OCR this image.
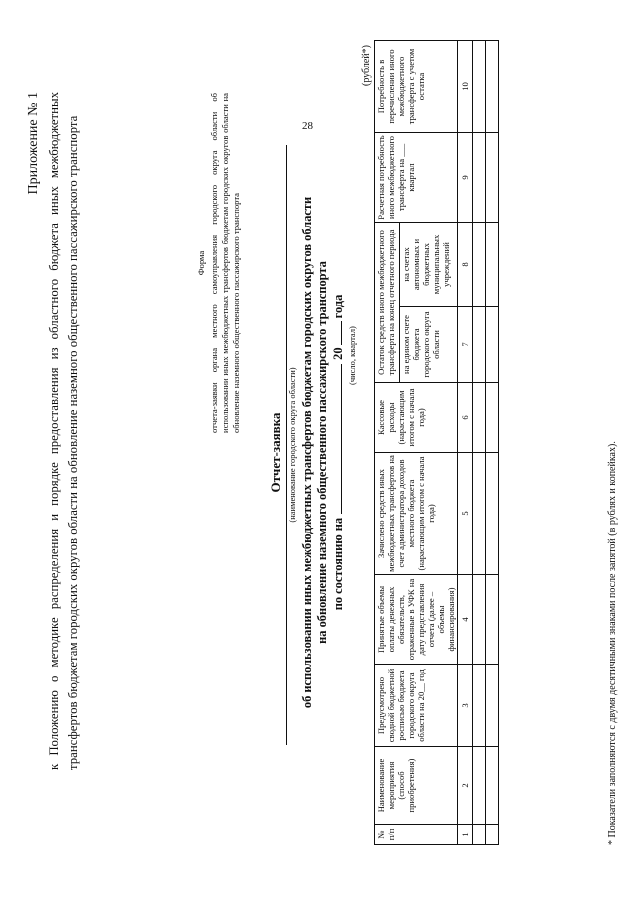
28
Приложение № 1
к Положению о методике распределения и порядке предоставления из областного бюджета иных межбюджетных трансфертов бюджетам городских округов области на обновление наземного общественного пассажирского транспорта
Форма отчета-заявки органа местного самоуправления городского округа области об использовании иных межбюджетных трансфертов бюджетам городских округов области на обновление наземного общественного пассажирского транспорта
Отчет-заявка (наименование городского округа области) об использовании иных межбюджетных трансфертов бюджетам городских округов области на обновление наземного общественного пассажирского транспорта по состоянию на20 года
(число, квартал)
(рублей*)
№ п/п	Наименование мероприятия (способ приобретения)	Предусмотрено сводной бюджетной росписью бюджета городского округа области на 20__ год	Принятые объемы оплаты денежных обязательств, отраженные в УФК на дату представления отчета (далее – объемы финансирования)	Зачислено средств иных межбюджетных трансфертов на счет администратора доходов местного бюджета (нарастающим итогом с начала года)	Кассовые расходы (нарастающим итогом с начала года)	Остаток средств иного межбюджетного трансферта на конец отчетного периода		Расчетная потребность иного межбюджетного трансферта на ___ квартал	Потребность в перечислении иного межбюджетного трансферта с учетом остатка
						на едином счете бюджета городского округа области	на счетах автономных и бюджетных муниципальных учреждений		
1	2	3	4	5	6	7	8	9	10

* Показатели заполняются с двумя десятичными знаками после запятой (в рублях и копейках).
